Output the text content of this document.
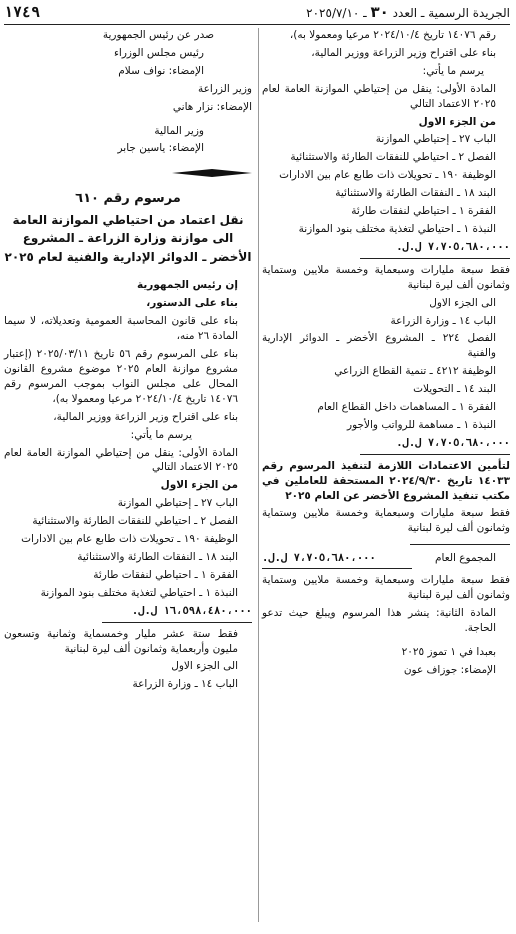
الجريدة الرسمية ـ العدد ٣٠ ـ ٢٠٢٥/٧/١٠
١٧٤٩

رقم ١٤٠٧٦ تاريخ ٢٠٢٤/١٠/٤ مرعيا ومعمولا به)،

بناء على اقتراح وزير الزراعة ووزير المالية،

يرسم ما يأتي:

المادة الأولى: ينقل من إحتياطي الموازنة العامة لعام ٢٠٢٥ الاعتماد التالي

من الجزء الاول

الباب ٢٧ ـ إحتياطي الموازنة

الفصل ٢ ـ احتياطي للنفقات الطارئة والاستثنائية

الوظيفة ١٩٠ ـ تحويلات ذات طابع عام بين الادارات

البند ١٨ ـ النفقات الطارئة والاستثنائية

الفقرة ١ ـ احتياطي لنفقات طارئة

النبذة ١ ـ احتياطي لتغذية مختلف بنود الموازنة

٧،٧٠٥،٦٨٠،٠٠٠ ل.ل.

فقط سبعة مليارات وسبعماية وخمسة ملايين وستماية وثمانون ألف ليرة لبنانية

الى الجزء الاول

الباب ١٤ ـ وزارة الزراعة

الفصل ٢٢٤ ـ المشروع الأخضر ـ الدوائر الإدارية والفنية

الوظيفة ٤٢١٢ ـ تنمية القطاع الزراعي

البند ١٤ ـ التحويلات

الفقرة ١ ـ المساهمات داخل القطاع العام

النبذة ١ ـ مساهمة للرواتب والأجور

٧،٧٠٥،٦٨٠،٠٠٠ ل.ل.

لتأمين الاعتمادات اللازمة لتنفيذ المرسوم رقم ١٤٠٣٣ تاريخ ٢٠٢٤/٩/٣٠ المستحقة للعاملين في مكتب تنفيذ المشروع الأخضر عن العام ٢٠٢٥

فقط سبعة مليارات وسبعماية وخمسة ملايين وستماية وثمانون ألف ليرة لبنانية

المجموع العام
٧،٧٠٥،٦٨٠،٠٠٠ ل.ل.

فقط سبعة مليارات وسبعماية وخمسة ملايين وستماية وثمانون ألف ليرة لبنانية

المادة الثانية: ينشر هذا المرسوم ويبلغ حيث تدعو الحاجة.

بعبدا في ١ تموز ٢٠٢٥

الإمضاء: جوزاف عون

صدر عن رئيس الجمهورية

رئيس مجلس الوزراء

الإمضاء: نواف سلام

وزير الزراعة

الإمضاء: نزار هاني

وزير المالية

الإمضاء: ياسين جابر

مرسوم رقم ٦١٠
نقل اعتماد من احتياطي الموازنة العامة الى موازنة وزارة الزراعة ـ المشروع الأخضر ـ الدوائر الإدارية والفنية لعام ٢٠٢٥

إن رئيس الجمهورية

بناء على الدستور،

بناء على قانون المحاسبة العمومية وتعديلاته، لا سيما المادة ٢٦ منه،

بناء على المرسوم رقم ٥٦ تاريخ ٢٠٢٥/٠٣/١١ (إعتبار مشروع موازنة العام ٢٠٢٥ موضوع مشروع القانون المحال على مجلس النواب بموجب المرسوم رقم ١٤٠٧٦ تاريخ ٢٠٢٤/١٠/٤ مرعيا ومعمولا به)،

بناء على اقتراح وزير الزراعة ووزير المالية،

يرسم ما يأتي:

المادة الأولى: ينقل من إحتياطي الموازنة العامة لعام ٢٠٢٥ الاعتماد التالي

من الجزء الاول

الباب ٢٧ ـ إحتياطي الموازنة

الفصل ٢ ـ احتياطي للنفقات الطارئة والاستثنائية

الوظيفة ١٩٠ ـ تحويلات ذات طابع عام بين الادارات

البند ١٨ ـ النفقات الطارئة والاستثنائية

الفقرة ١ ـ احتياطي لنفقات طارئة

النبذة ١ ـ احتياطي لتغذية مختلف بنود الموازنة

١٦،٥٩٨،٤٨٠،٠٠٠ ل.ل.

فقط ستة عشر مليار وخمسماية وثمانية وتسعون مليون وأربعماية وثمانون ألف ليرة لبنانية

الى الجزء الاول

الباب ١٤ ـ وزارة الزراعة
